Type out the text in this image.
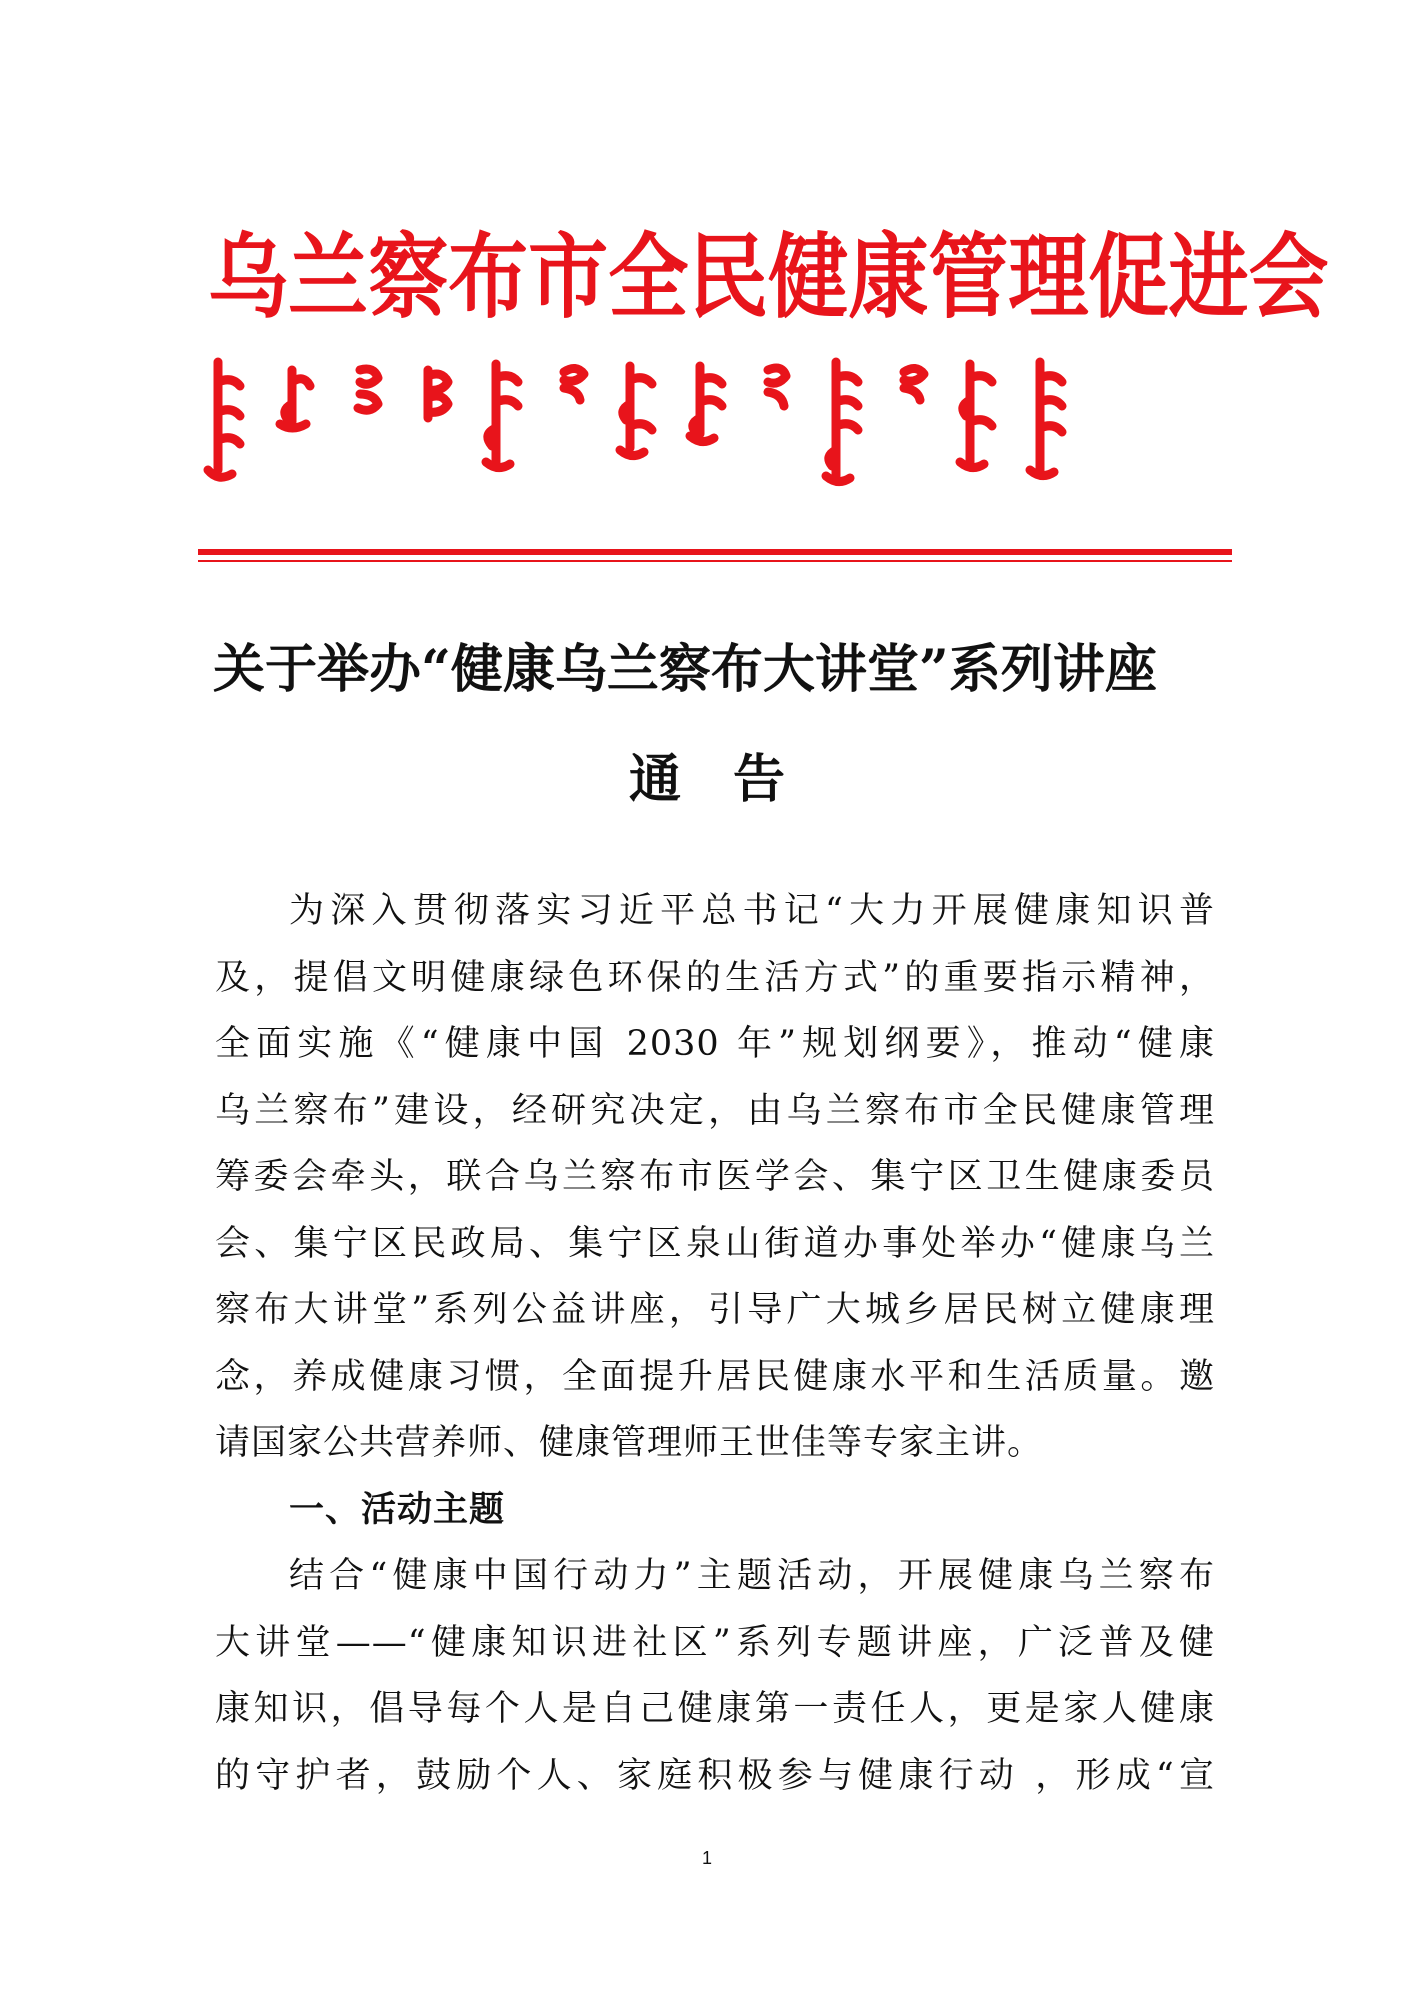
乌兰察布市全民健康管理促进会
关于举办“健康乌兰察布大讲堂”系列讲座
通告
为深入贯彻落实习近平总书记“大力开展健康知识普
及，提倡文明健康绿色环保的生活方式”的重要指示精神，
全面实施《“健康中国 2030 年”规划纲要》，推动“健康
乌兰察布”建设，经研究决定，由乌兰察布市全民健康管理
筹委会牵头，联合乌兰察布市医学会、集宁区卫生健康委员
会、集宁区民政局、集宁区泉山街道办事处举办“健康乌兰
察布大讲堂”系列公益讲座，引导广大城乡居民树立健康理
念，养成健康习惯，全面提升居民健康水平和生活质量。邀
请国家公共营养师、健康管理师王世佳等专家主讲。
一、活动主题
结合“健康中国行动力”主题活动，开展健康乌兰察布
大讲堂——“健康知识进社区”系列专题讲座，广泛普及健
康知识，倡导每个人是自己健康第一责任人，更是家人健康
的守护者，鼓励个人、家庭积极参与健康行动 ，形成“宣
1
